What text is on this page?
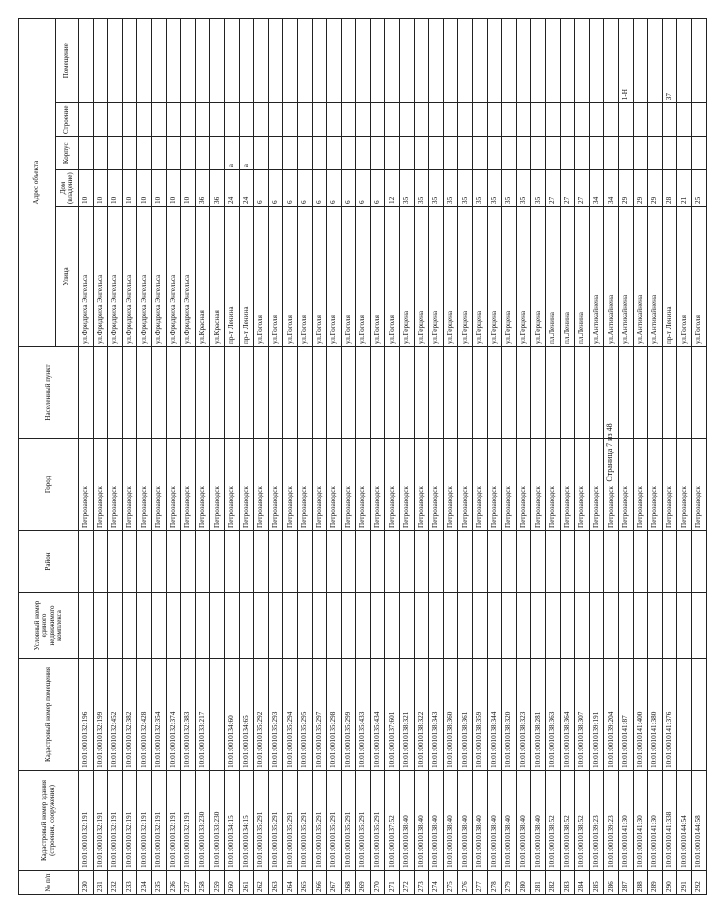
№ п/п	Кадастровый номер здания (строения, сооружения)	Кадастровый номер помещения	Условный номер единого недвижимого комплекса	Район	Город	Населенный пункт	Адрес объекта				
							Улица	Дом (владение)	Корпус	Строение	Помещение
230	10:01:0010132:191	10:01:0010132:196			Петрозаводск		ул.Фридриха Энгельса	10			
231	10:01:0010132:191	10:01:0010132:199			Петрозаводск		ул.Фридриха Энгельса	10			
232	10:01:0010132:191	10:01:0010132:452			Петрозаводск		ул.Фридриха Энгельса	10			
233	10:01:0010132:191	10:01:0010132:382			Петрозаводск		ул.Фридриха Энгельса	10			
234	10:01:0010132:191	10:01:0010132:428			Петрозаводск		ул.Фридриха Энгельса	10			
235	10:01:0010132:191	10:01:0010132:354			Петрозаводск		ул.Фридриха Энгельса	10			
236	10:01:0010132:191	10:01:0010132:374			Петрозаводск		ул.Фридриха Энгельса	10			
237	10:01:0010132:191	10:01:0010132:383			Петрозаводск		ул.Фридриха Энгельса	10			
258	10:01:0010133:230	10:01:0010133:217			Петрозаводск		ул.Красная	36			
259	10:01:0010133:230				Петрозаводск		ул.Красная	36			
260	10:01:0010134:15	10:01:0010134:60			Петрозаводск		пр-т Ленина	24	а		
261	10:01:0010134:15	10:01:0010134:65			Петрозаводск		пр-т Ленина	24	а		
262	10:01:0010135:291	10:01:0010135:292			Петрозаводск		ул.Гоголя	6			
263	10:01:0010135:291	10:01:0010135:293			Петрозаводск		ул.Гоголя	6			
264	10:01:0010135:291	10:01:0010135:294			Петрозаводск		ул.Гоголя	6			
265	10:01:0010135:291	10:01:0010135:295			Петрозаводск		ул.Гоголя	6			
266	10:01:0010135:291	10:01:0010135:297			Петрозаводск		ул.Гоголя	6			
267	10:01:0010135:291	10:01:0010135:298			Петрозаводск		ул.Гоголя	6			
268	10:01:0010135:291	10:01:0010135:299			Петрозаводск		ул.Гоголя	6			
269	10:01:0010135:291	10:01:0010135:433			Петрозаводск		ул.Гоголя	6			
270	10:01:0010135:291	10:01:0010135:434			Петрозаводск		ул.Гоголя	6			
271	10:01:0010137:52	10:01:0010137:601			Петрозаводск		ул.Гоголя	12			
272	10:01:0010138:40	10:01:0010138:321			Петрозаводск		ул.Герцена	35			
273	10:01:0010138:40	10:01:0010138:322			Петрозаводск		ул.Герцена	35			
274	10:01:0010138:40	10:01:0010138:343			Петрозаводск		ул.Герцена	35			
275	10:01:0010138:40	10:01:0010138:360			Петрозаводск		ул.Герцена	35			
276	10:01:0010138:40	10:01:0010138:361			Петрозаводск		ул.Герцена	35			
277	10:01:0010138:40	10:01:0010138:359			Петрозаводск		ул.Герцена	35			
278	10:01:0010138:40	10:01:0010138:344			Петрозаводск		ул.Герцена	35			
279	10:01:0010138:40	10:01:0010138:320			Петрозаводск		ул.Герцена	35			
280	10:01:0010138:40	10:01:0010138:323			Петрозаводск		ул.Герцена	35			
281	10:01:0010138:40	10:01:0010138:281			Петрозаводск		ул.Герцена	35			
282	10:01:0010138:52	10:01:0010138:363			Петрозаводск		пл.Ленина	27			
283	10:01:0010138:52	10:01:0010138:364			Петрозаводск		пл.Ленина	27			
284	10:01:0010138:52	10:01:0010138:307			Петрозаводск		пл.Ленина	27			
285	10:01:0010139:23	10:01:0010139:191			Петрозаводск		ул.Антикайнена	34			
286	10:01:0010139:23	10:01:0010139:204			Петрозаводск		ул.Антикайнена	34			
287	10:01:0010141:30	10:01:0010141:87			Петрозаводск		ул.Антикайнена	29			1-Н
288	10:01:0010141:30	10:01:0010141:400			Петрозаводск		ул.Антикайнена	29			
289	10:01:0010141:30	10:01:0010141:380			Петрозаводск		ул.Антикайнена	29			
290	10:01:0010141:338	10:01:0010141:376			Петрозаводск		пр-т Ленина	28			37
291	10:01:0010144:54				Петрозаводск		ул.Гоголя	21			
292	10:01:0010144:58				Петрозаводск		ул.Гоголя	25			
Страница 7 из 48
